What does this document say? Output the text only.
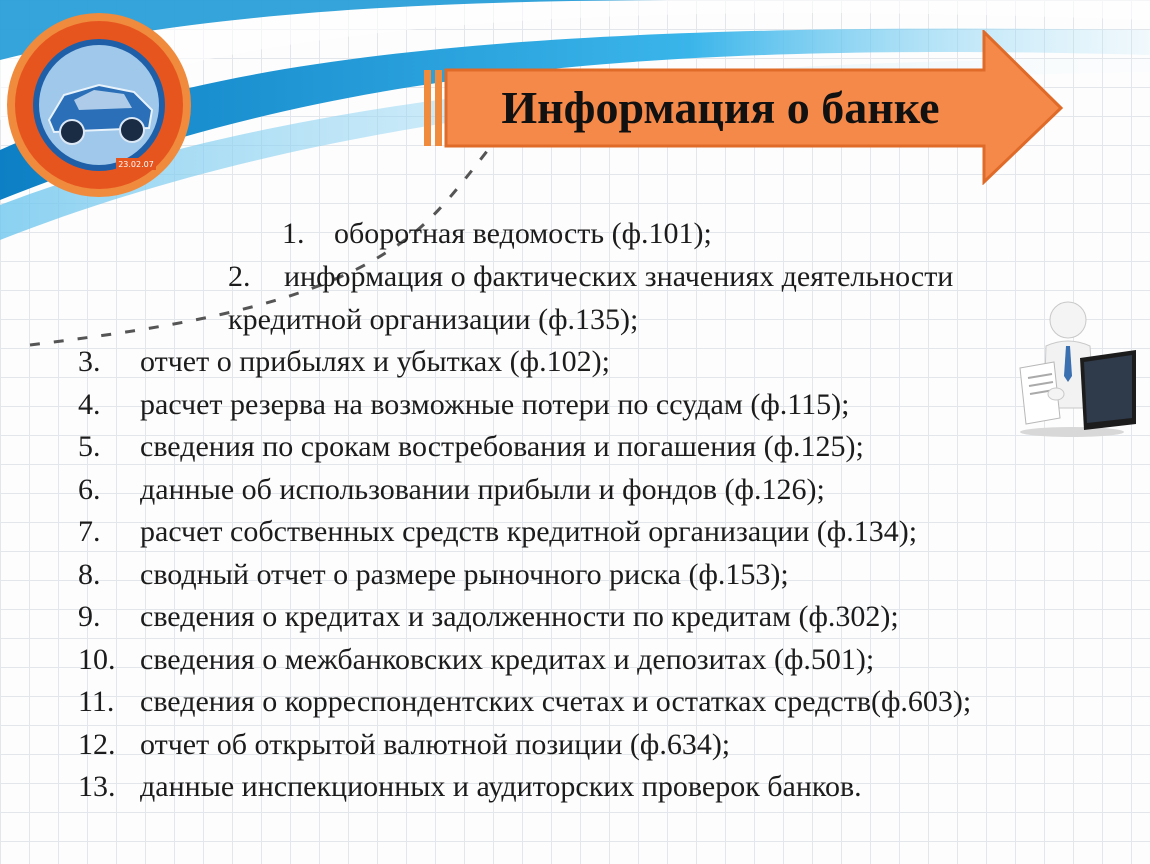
23.02.07
Информация о банке
1. оборотная ведомость (ф.101);
2. информация о фактических значениях деятельности
кредитной организации (ф.135);
3. отчет о прибылях и убытках (ф.102);
4. расчет резерва на возможные потери по ссудам (ф.115);
5. сведения по срокам востребования и погашения (ф.125);
6. данные об использовании прибыли и фондов (ф.126);
7. расчет собственных средств кредитной организации (ф.134);
8. сводный отчет о размере рыночного риска (ф.153);
9. сведения о кредитах и задолженности по кредитам (ф.302);
10. сведения о межбанковских кредитах и депозитах (ф.501);
11. сведения о корреспондентских счетах и остатках средств(ф.603);
12. отчет об открытой валютной позиции (ф.634);
13. данные инспекционных и аудиторских проверок банков.
